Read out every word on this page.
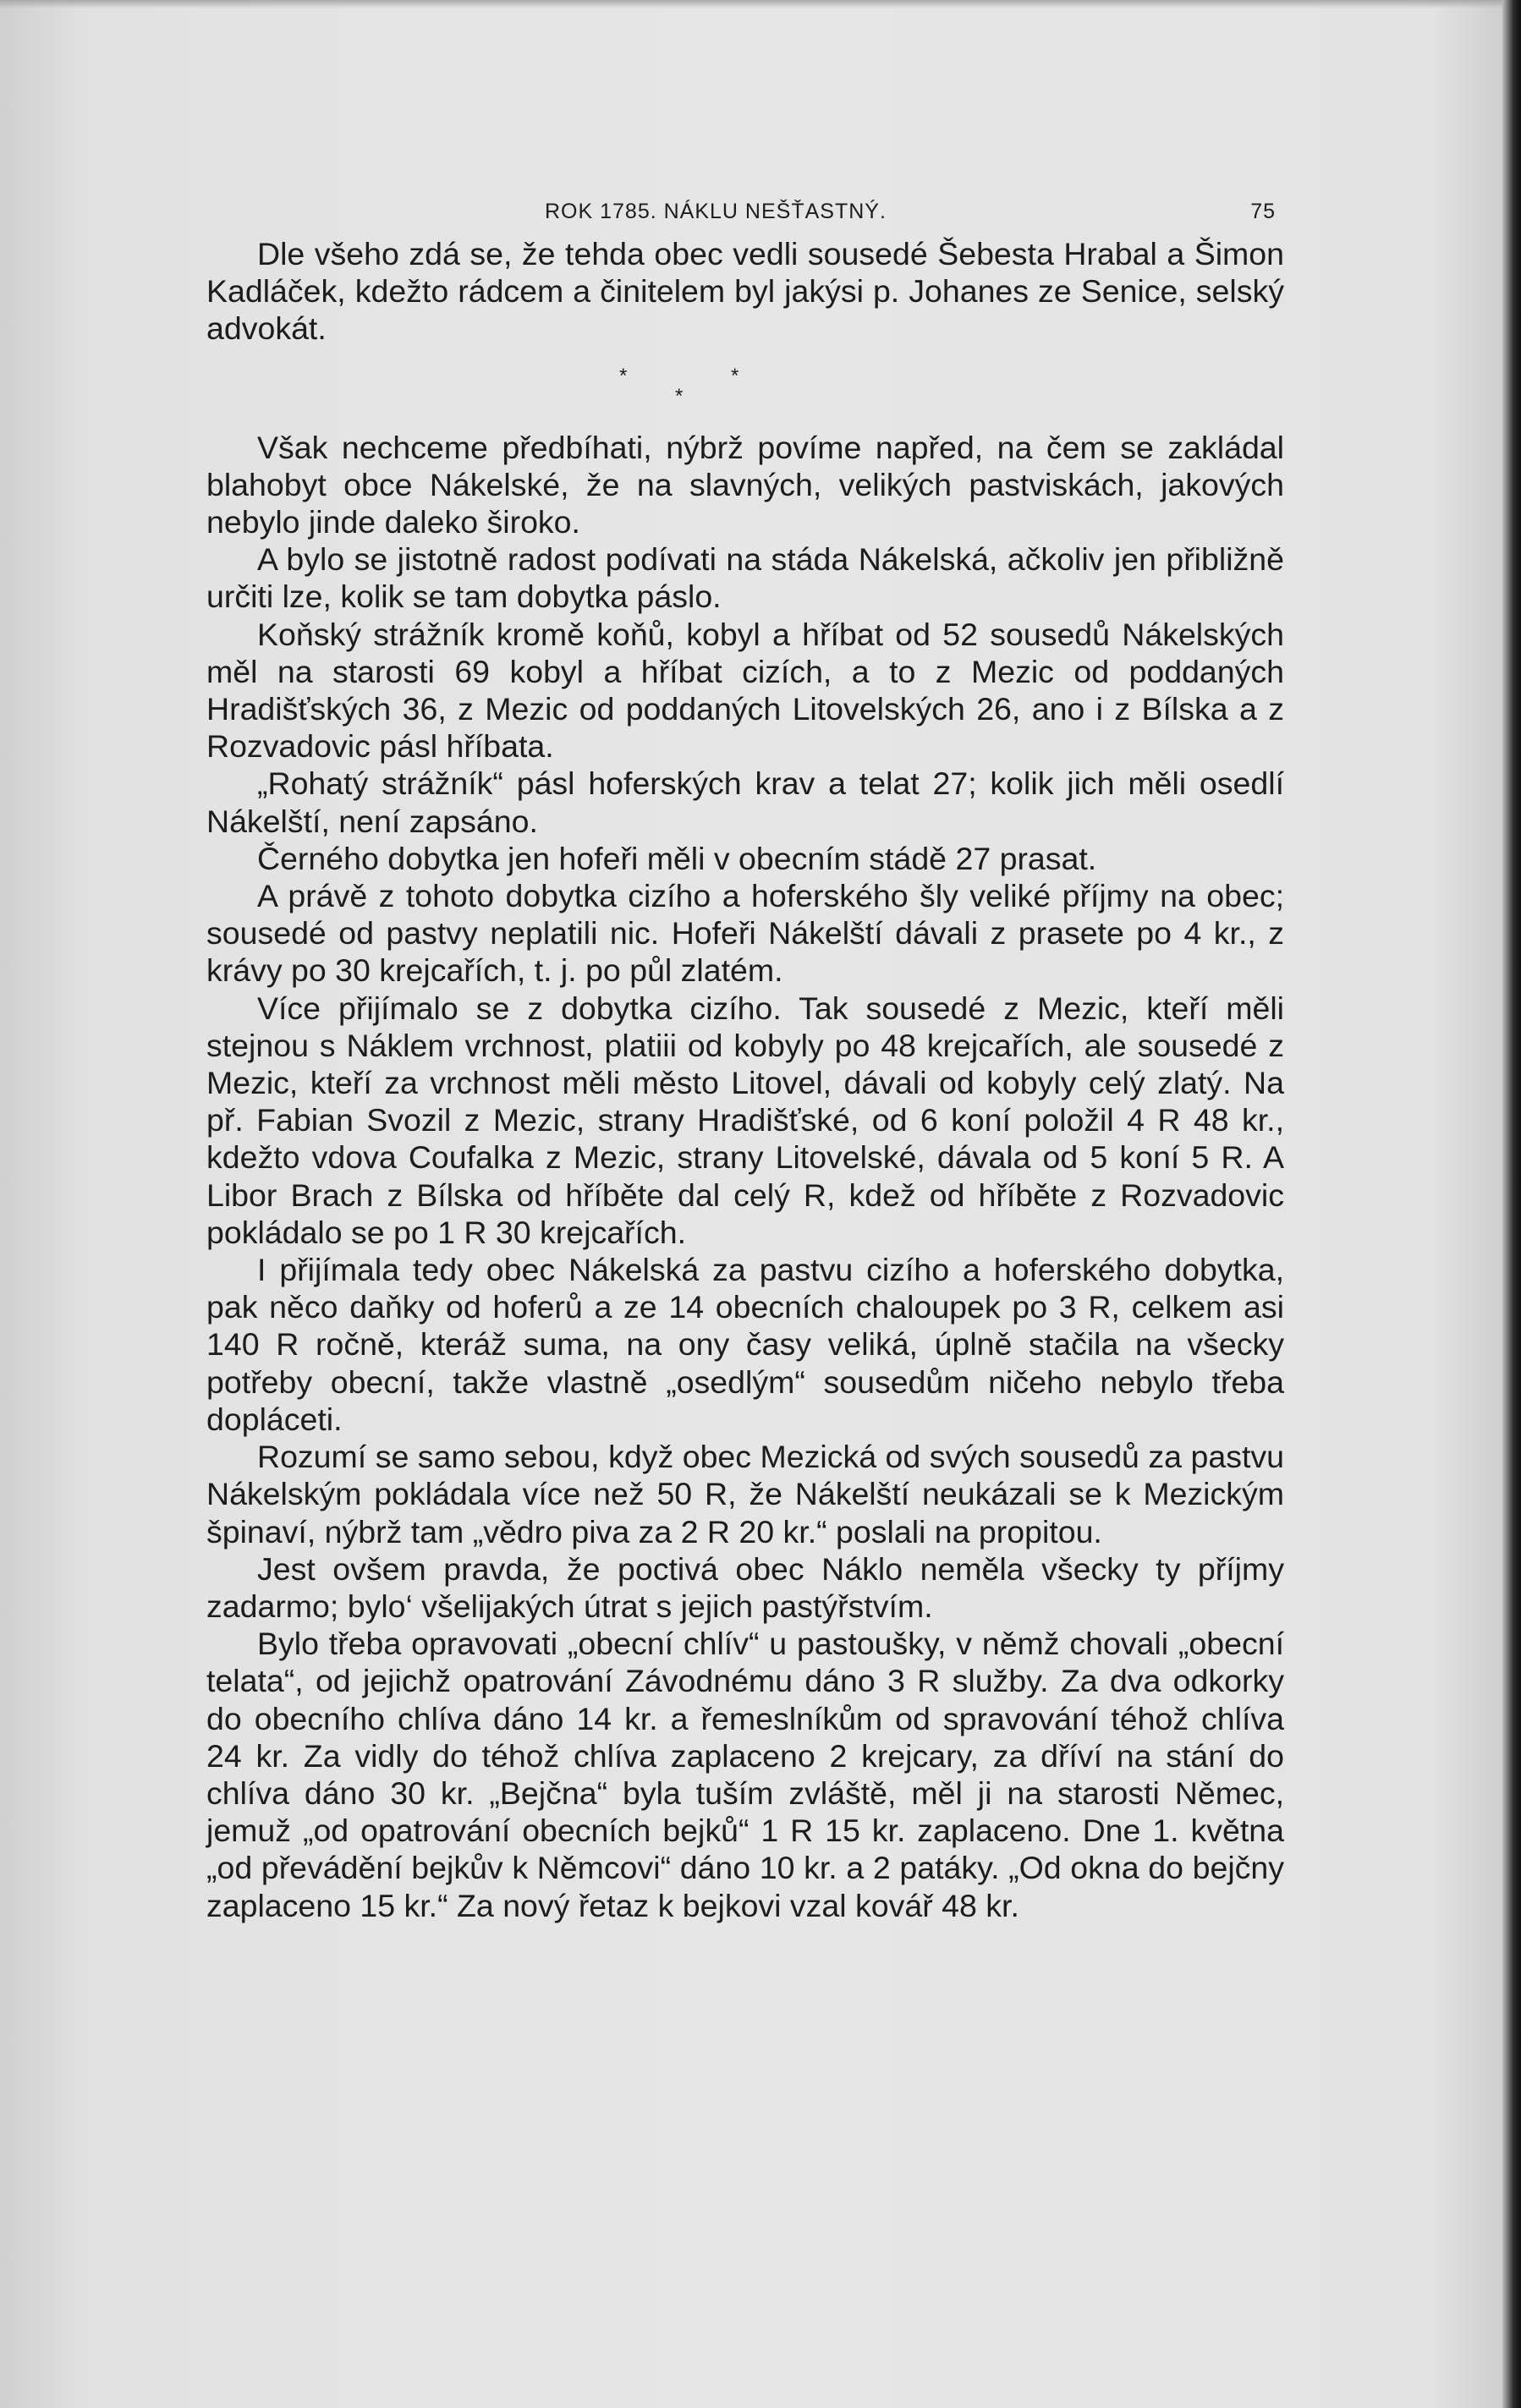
ROK 1785. NÁKLU NEŠŤASTNÝ.	75

Dle všeho zdá se, že tehda obec vedli sousedé Šebesta Hrabal a Šimon Kadláček, kdežto rádcem a činitelem byl jakýsi p. Johanes ze Senice, selský advokát.

*	*
*

Však nechceme předbíhati, nýbrž povíme napřed, na čem se zakládal blahobyt obce Nákelské, že na slavných, velikých pastviskách, jakových nebylo jinde daleko široko.

A bylo se jistotně radost podívati na stáda Nákelská, ačkoliv jen přibližně určiti lze, kolik se tam dobytka páslo.

Koňský strážník kromě koňů, kobyl a hříbat od 52 sousedů Nákelských měl na starosti 69 kobyl a hříbat cizích, a to z Mezic od poddaných Hradišťských 36, z Mezic od poddaných Litovelských 26, ano i z Bílska a z Rozvadovic pásl hříbata.

„Rohatý strážník“ pásl hoferských krav a telat 27; kolik jich měli osedlí Nákelští, není zapsáno.

Černého dobytka jen hofeři měli v obecním stádě 27 prasat.

A právě z tohoto dobytka cizího a hoferského šly veliké příjmy na obec; sousedé od pastvy neplatili nic. Hofeři Nákelští dávali z prasete po 4 kr., z krávy po 30 krejcařích, t. j. po půl zlatém.

Více přijímalo se z dobytka cizího. Tak sousedé z Mezic, kteří měli stejnou s Náklem vrchnost, platiii od kobyly po 48 krejcařích, ale sousedé z Mezic, kteří za vrchnost měli město Litovel, dávali od kobyly celý zlatý. Na př. Fabian Svozil z Mezic, strany Hradišťské, od 6 koní položil 4 R 48 kr., kdežto vdova Coufalka z Mezic, strany Litovelské, dávala od 5 koní 5 R. A Libor Brach z Bílska od hříběte dal celý R, kdež od hříběte z Rozvadovic pokládalo se po 1 R 30 krejcařích.

I přijímala tedy obec Nákelská za pastvu cizího a hoferského dobytka, pak něco daňky od hoferů a ze 14 obecních chaloupek po 3 R, celkem asi 140 R ročně, kteráž suma, na ony časy veliká, úplně stačila na všecky potřeby obecní, takže vlastně „osedlým“ sousedům ničeho nebylo třeba dopláceti.

Rozumí se samo sebou, když obec Mezická od svých sousedů za pastvu Nákelským pokládala více než 50 R, že Nákelští neukázali se k Mezickým špinaví, nýbrž tam „vědro piva za 2 R 20 kr.“ poslali na propitou.

Jest ovšem pravda, že poctivá obec Náklo neměla všecky ty příjmy zadarmo; bylo‘ všelijakých útrat s jejich pastýřstvím.

Bylo třeba opravovati „obecní chlív“ u pastoušky, v němž chovali „obecní telata“, od jejichž opatrování Závodnému dáno 3 R služby. Za dva odkorky do obecního chlíva dáno 14 kr. a řemeslníkům od spravování téhož chlíva 24 kr. Za vidly do téhož chlíva zaplaceno 2 krejcary, za dříví na stání do chlíva dáno 30 kr. „Bejčna“ byla tuším zvláště, měl ji na starosti Němec, jemuž „od opatrování obecních bejků“ 1 R 15 kr. zaplaceno. Dne 1. května „od převádění bejkův k Němcovi“ dáno 10 kr. a 2 patáky. „Od okna do bejčny zaplaceno 15 kr.“ Za nový řetaz k bejkovi vzal kovář 48 kr.
